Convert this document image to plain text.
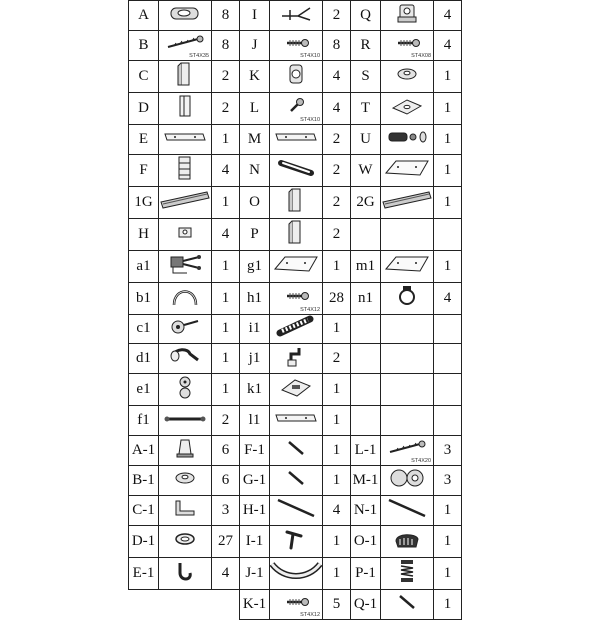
A		8	I		2	Q		4
B	ST4X35	8	J	ST4X10	8	R	ST4X08	4
C		2	K		4	S		1
D		2	L	ST4X10	4	T		1
E		1	M		2	U		1
F		4	N		2	W		1
1G		1	O		2	2G		1
H		4	P		2			
a1		1	g1		1	m1		1
b1		1	h1	ST4X12	28	n1		4
c1		1	i1		1			
d1		1	j1		2			
e1		1	k1		1			
f1		2	l1		1			
A-1		6	F-1		1	L-1	ST4X20	3
B-1		6	G-1		1	M-1		3
C-1		3	H-1		4	N-1		1
D-1		27	I-1		1	O-1		1
E-1		4	J-1		1	P-1		1
			K-1	ST4X12	5	Q-1		1
